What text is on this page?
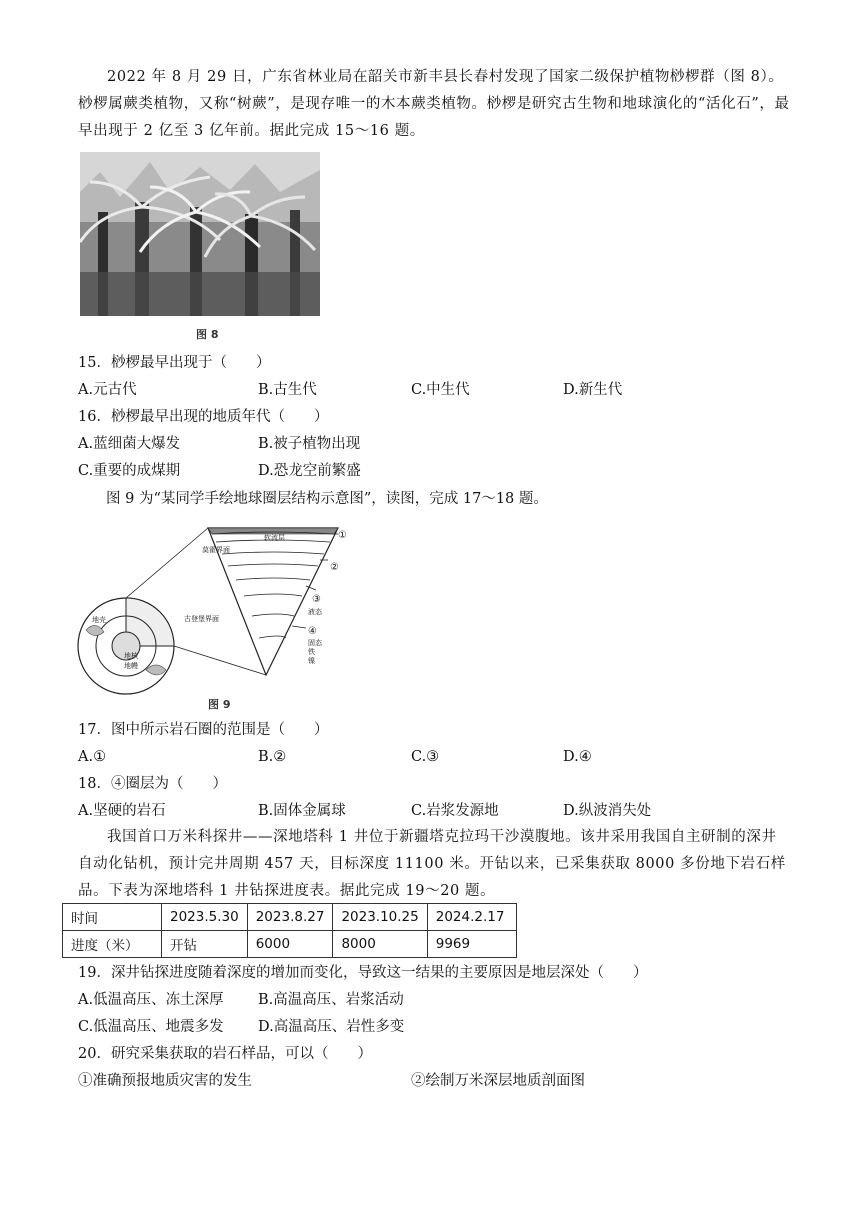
2022 年 8 月 29 日，广东省林业局在韶关市新丰县长春村发现了国家二级保护植物桫椤群（图 8）。桫椤属蕨类植物，又称“树蕨”，是现存唯一的木本蕨类植物。桫椤是研究古生物和地球演化的“活化石”，最早出现于 2 亿至 3 亿年前。据此完成 15～16 题。
图 8
15．桫椤最早出现于（　　）
A.元古代	B.古生代	C.中生代	D.新生代
16．桫椤最早出现的地质年代（　　）
A.蓝细菌大爆发	B.被子植物出现
C.重要的成煤期	D.恐龙空前繁盛
图 9 为“某同学手绘地球圈层结构示意图”，读图，完成 17～18 题。
地壳
地核
地幔
软流层
莫霍界面
古登堡界面
液态
固态
铁
镍
①
②
③
④
图 9
17．图中所示岩石圈的范围是（　　）
A.①	B.②	C.③	D.④
18．④圈层为（　　）
A.坚硬的岩石	B.固体金属球	C.岩浆发源地	D.纵波消失处
我国首口万米科探井——深地塔科 1 井位于新疆塔克拉玛干沙漠腹地。该井采用我国自主研制的深井自动化钻机，预计完井周期 457 天，目标深度 11100 米。开钻以来，已采集获取 8000 多份地下岩石样品。下表为深地塔科 1 井钻探进度表。据此完成 19～20 题。
时间	2023.5.30	2023.8.27	2023.10.25	2024.2.17
进度（米）	开钻	6000	8000	9969
19．深井钻探进度随着深度的增加而变化，导致这一结果的主要原因是地层深处（　　）
A.低温高压、冻土深厚 B.高温高压、岩浆活动
C.低温高压、地震多发 D.高温高压、岩性多变
20．研究采集获取的岩石样品，可以（　　）
①准确预报地质灾害的发生	②绘制万米深层地质剖面图
